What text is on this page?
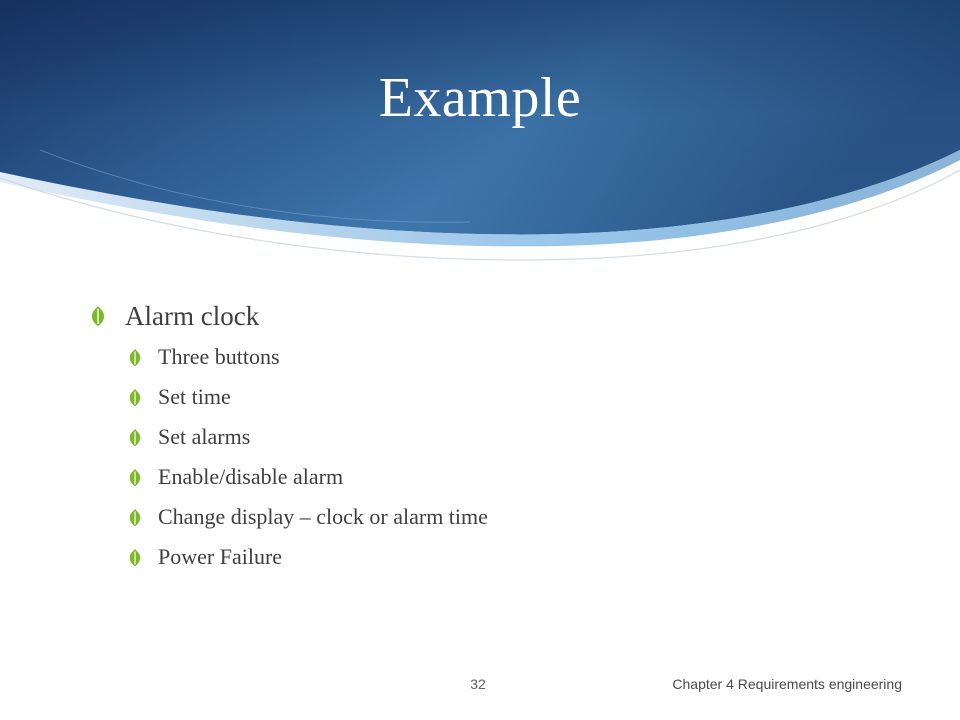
Example
Alarm clock
Three buttons
Set time
Set alarms
Enable/disable alarm
Change display – clock or alarm time
Power Failure
32	Chapter 4 Requirements engineering
